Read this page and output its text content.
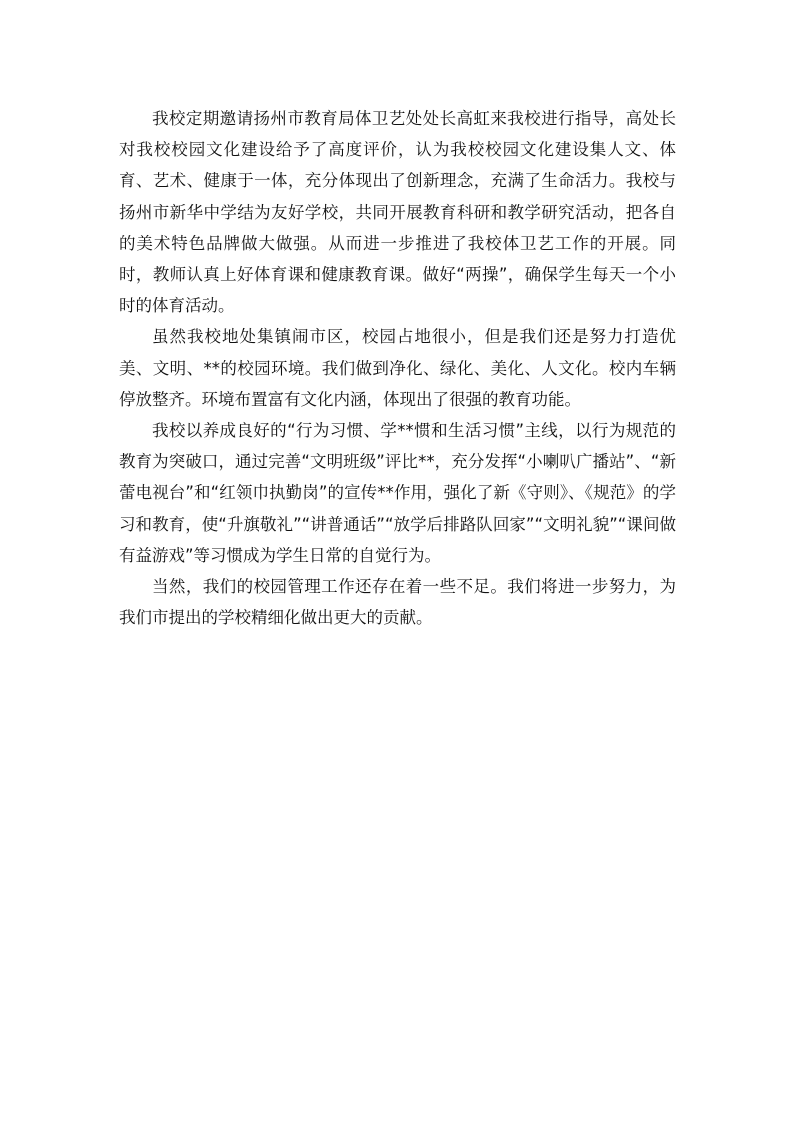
我校定期邀请扬州市教育局体卫艺处处长高虹来我校进行指导，高处长对我校校园文化建设给予了高度评价，认为我校校园文化建设集人文、体育、艺术、健康于一体，充分体现出了创新理念，充满了生命活力。我校与扬州市新华中学结为友好学校，共同开展教育科研和教学研究活动，把各自的美术特色品牌做大做强。从而进一步推进了我校体卫艺工作的开展。同时，教师认真上好体育课和健康教育课。做好“两操”，确保学生每天一个小时的体育活动。

虽然我校地处集镇闹市区，校园占地很小，但是我们还是努力打造优美、文明、**的校园环境。我们做到净化、绿化、美化、人文化。校内车辆停放整齐。环境布置富有文化内涵，体现出了很强的教育功能。

我校以养成良好的“行为习惯、学**惯和生活习惯”主线，以行为规范的教育为突破口，通过完善“文明班级”评比**，充分发挥“小喇叭广播站”、“新蕾电视台”和“红领巾执勤岗”的宣传**作用，强化了新《守则》、《规范》的学习和教育，使“升旗敬礼”“讲普通话”“放学后排路队回家”“文明礼貌”“课间做有益游戏”等习惯成为学生日常的自觉行为。

当然，我们的校园管理工作还存在着一些不足。我们将进一步努力，为我们市提出的学校精细化做出更大的贡献。
